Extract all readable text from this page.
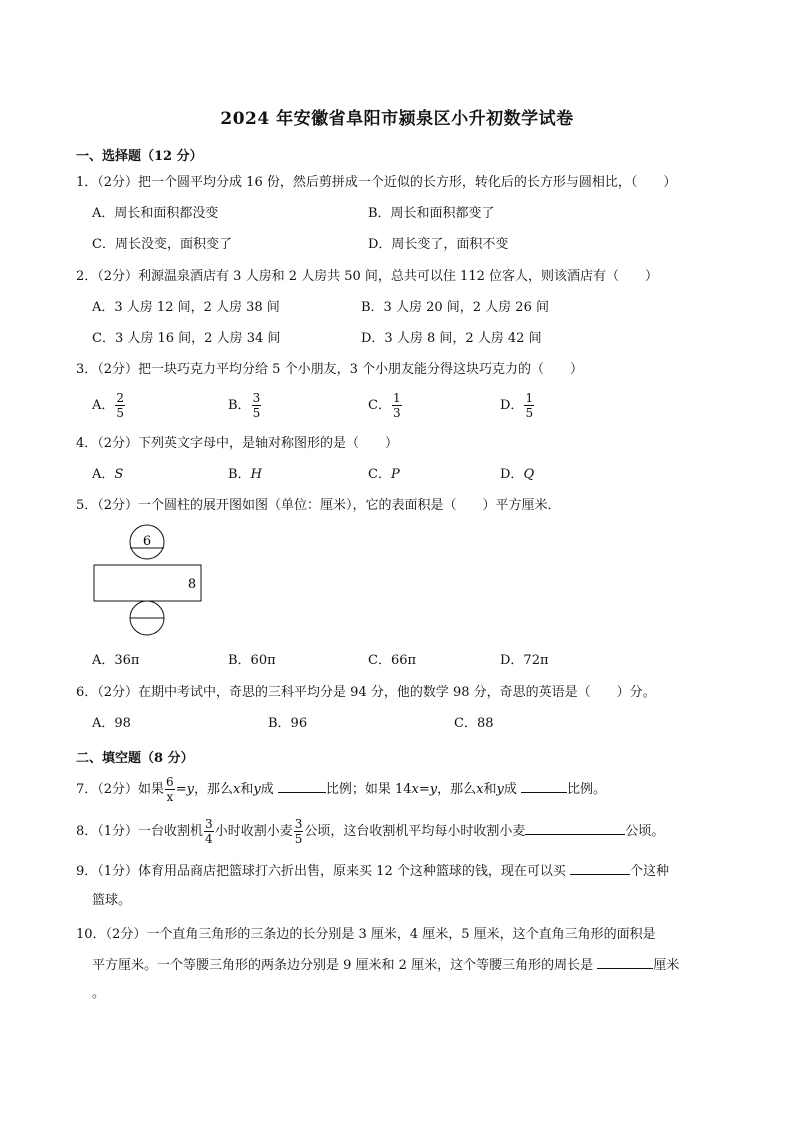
2024 年安徽省阜阳市颍泉区小升初数学试卷
一、选择题（12 分）
1．（2分）把一个圆平均分成 16 份，然后剪拼成一个近似的长方形，转化后的长方形与圆相比，（　　）
A．周长和面积都没变	B．周长和面积都变了
C．周长没变，面积变了	D．周长变了，面积不变
2．（2分）利源温泉酒店有 3 人房和 2 人房共 50 间，总共可以住 112 位客人，则该酒店有（　　）
A．3 人房 12 间，2 人房 38 间	B．3 人房 20 间，2 人房 26 间
C．3 人房 16 间，2 人房 34 间	D．3 人房 8 间，2 人房 42 间
3．（2分）把一块巧克力平均分给 5 个小朋友，3 个小朋友能分得这块巧克力的（　　）
A． $\frac{2}{5}$	B． $\frac{3}{5}$	C． $\frac{1}{3}$	D． $\frac{1}{5}$
4．（2分）下列英文字母中，是轴对称图形的是（　　）
A．S	B．H	C．P	D．Q
5．（2分）一个圆柱的展开图如图（单位：厘米），它的表面积是（　　）平方厘米．
6
8
A．36π	B．60π	C．66π	D．72π
6．（2分）在期中考试中，奇思的三科平均分是 94 分，他的数学 98 分，奇思的英语是（　　）分。
A．98	B．96	C．88
二、填空题（8 分）
7．（2分）如果 $\frac{6}{x} =y$，那么x和y成	比例；如果 14x=y，那么x和y成	比例。
8．（1分）一台收割机 $\frac{3}{4}$ 小时收割小麦 $\frac{3}{5}$ 公顷，这台收割机平均每小时收割小麦	公顷。
9．（1分）体育用品商店把篮球打六折出售，原来买 12 个这种篮球的钱，现在可以买	个这种
篮球。
10．（2分）一个直角三角形的三条边的长分别是 3 厘米，4 厘米，5 厘米，这个直角三角形的面积是
平方厘米。一个等腰三角形的两条边分别是 9 厘米和 2 厘米，这个等腰三角形的周长是	厘米
。
